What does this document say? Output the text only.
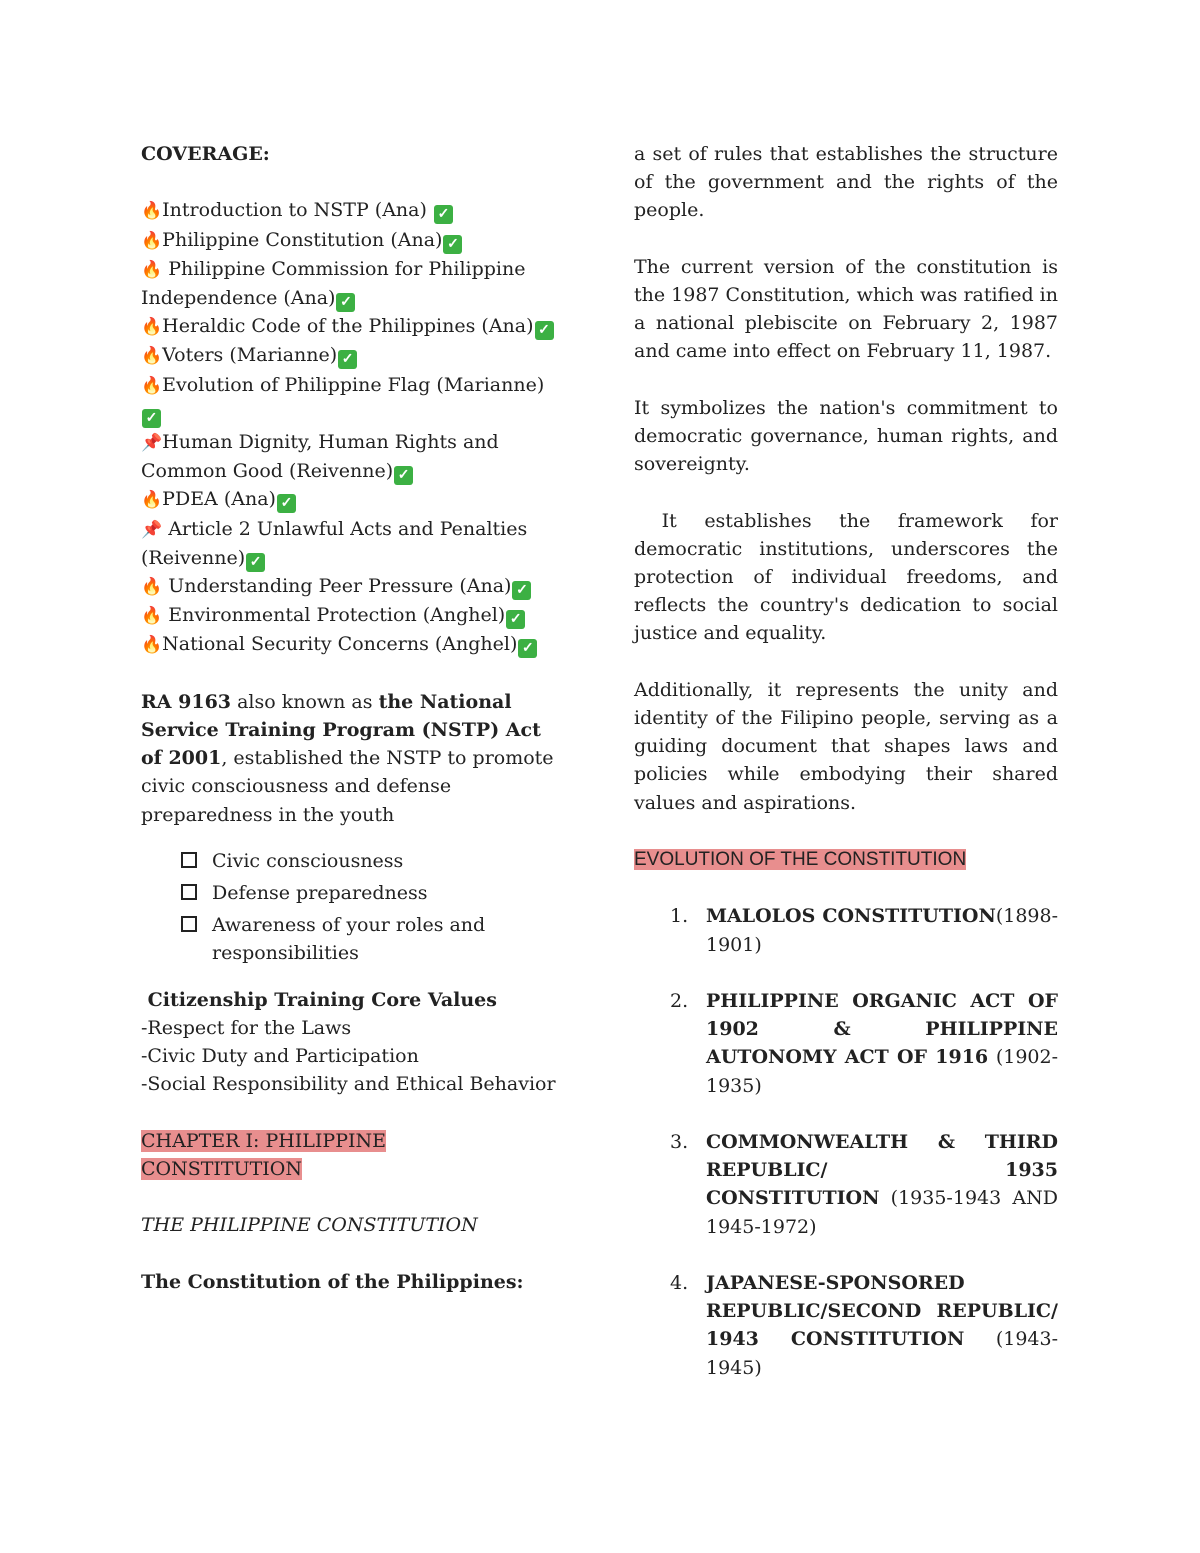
COVERAGE:

🔥Introduction to NSTP (Ana) ✓

🔥Philippine Constitution (Ana) ✓

🔥 Philippine Commission for Philippine Independence (Ana) ✓

🔥Heraldic Code of the Philippines (Ana) ✓

🔥Voters (Marianne) ✓

🔥Evolution of Philippine Flag (Marianne)✓

📌Human Dignity, Human Rights and Common Good (Reivenne) ✓

🔥PDEA (Ana) ✓

📌 Article 2 Unlawful Acts and Penalties (Reivenne) ✓

🔥 Understanding Peer Pressure (Ana) ✓

🔥 Environmental Protection (Anghel) ✓

🔥National Security Concerns (Anghel) ✓

RA 9163 also known as the National Service Training Program (NSTP) Act of 2001, established the NSTP to promote civic consciousness and defense preparedness in the youth

Civic consciousness
Defense preparedness
Awareness of your roles and responsibilities

Citizenship Training Core Values

-Respect for the Laws

-Civic Duty and Participation

-Social Responsibility and Ethical Behavior

CHAPTER I: PHILIPPINE

CONSTITUTION

THE PHILIPPINE CONSTITUTION

The Constitution of the Philippines:

a set of rules that establishes the structure of the government and the rights of the people.

The current version of the constitution is the 1987 Constitution, which was ratified in a national plebiscite on February 2, 1987 and came into effect on February 11, 1987.

It symbolizes the nation's commitment to democratic governance, human rights, and sovereignty.

It establishes the framework for democratic institutions, underscores the protection of individual freedoms, and reflects the country's dedication to social justice and equality.

Additionally, it represents the unity and identity of the Filipino people, serving as a guiding document that shapes laws and policies while embodying their shared values and aspirations.

EVOLUTION OF THE CONSTITUTION

1. MALOLOS CONSTITUTION(1898-1901)
2. PHILIPPINE ORGANIC ACT OF 1902 & PHILIPPINE AUTONOMY ACT OF 1916 (1902-1935)
3. COMMONWEALTH & THIRD REPUBLIC/ 1935 CONSTITUTION (1935-1943 AND 1945-1972)
4. JAPANESE-SPONSORED REPUBLIC/SECOND REPUBLIC/ 1943 CONSTITUTION (1943-1945)
